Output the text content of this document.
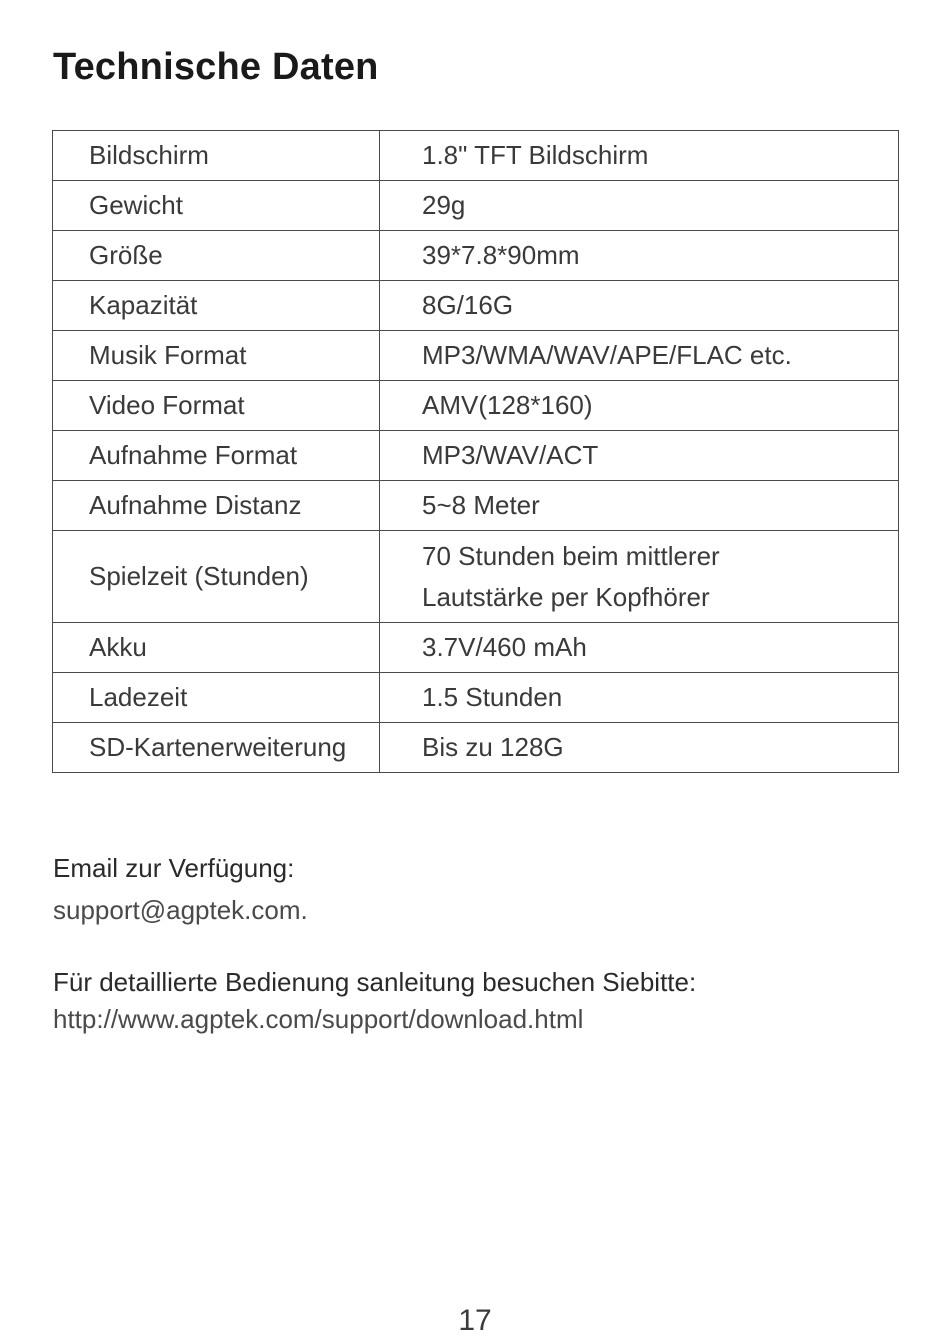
Technische Daten
Bildschirm	1.8" TFT Bildschirm

Gewicht	29g

Größe	39*7.8*90mm

Kapazität	8G/16G

Musik Format	MP3/WMA/WAV/APE/FLAC etc.

Video Format	AMV(128*160)

Aufnahme Format	MP3/WAV/ACT

Aufnahme Distanz	5~8 Meter

Spielzeit (Stunden)	70 Stunden beim mittlerer
Lautstärke per Kopfhörer

Akku	3.7V/460 mAh

Ladezeit	1.5 Stunden

SD-Kartenerweiterung	Bis zu 128G

Email zur Verfügung:

support@agptek.com.

Für detaillierte Bedienung sanleitung besuchen Siebitte:

http://www.agptek.com/support/download.html

17
